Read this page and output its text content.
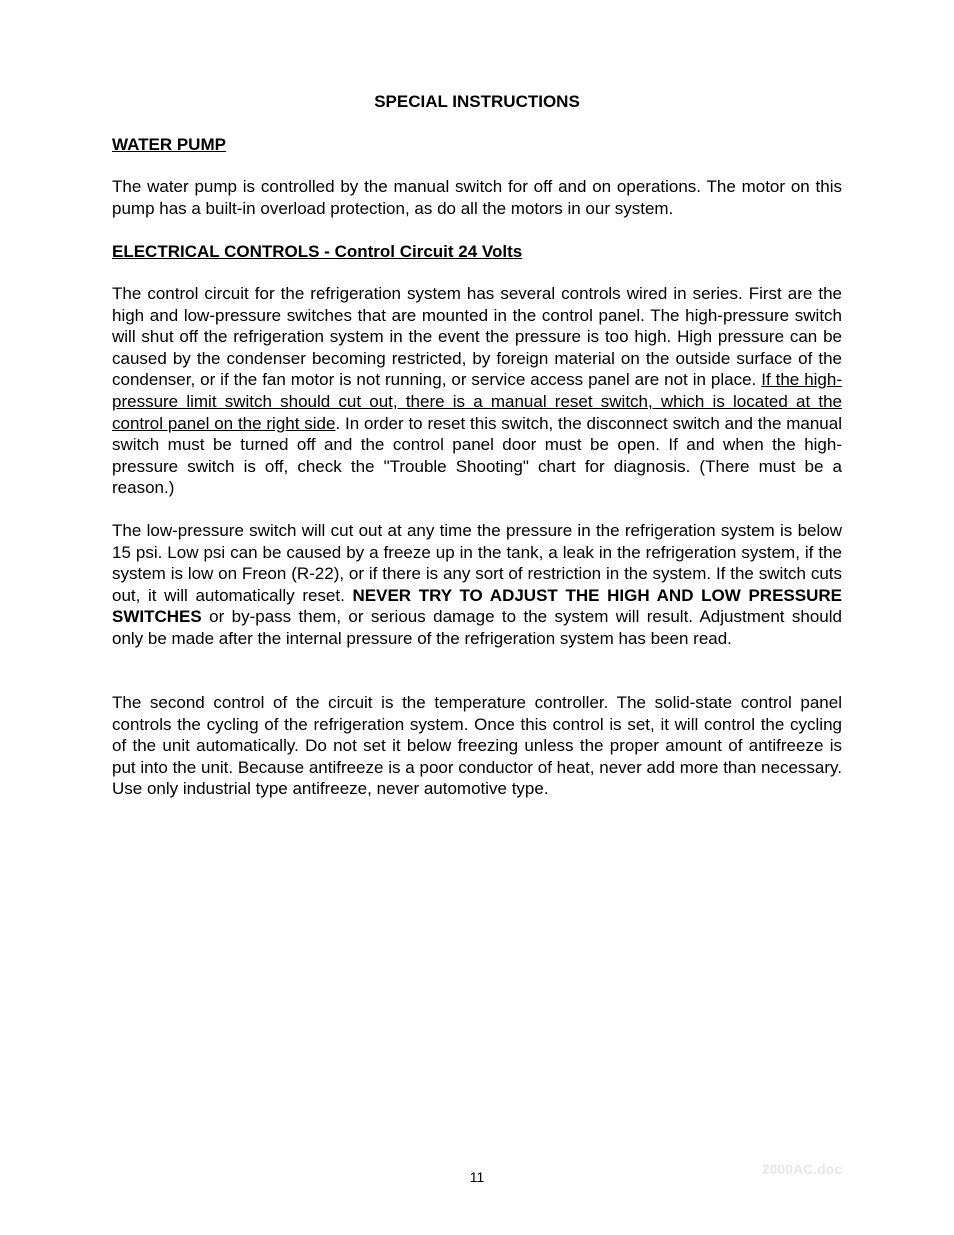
SPECIAL INSTRUCTIONS
WATER PUMP

The water pump is controlled by the manual switch for off and on operations. The motor on this pump has a built-in overload protection, as do all the motors in our system.

ELECTRICAL CONTROLS - Control Circuit 24 Volts

The control circuit for the refrigeration system has several controls wired in series. First are the high and low-pressure switches that are mounted in the control panel. The high-pressure switch will shut off the refrigeration system in the event the pressure is too high. High pressure can be caused by the condenser becoming restricted, by foreign material on the outside surface of the condenser, or if the fan motor is not running, or service access panel are not in place. If the high-pressure limit switch should cut out, there is a manual reset switch, which is located at the control panel on the right side. In order to reset this switch, the disconnect switch and the manual switch must be turned off and the control panel door must be open. If and when the high-pressure switch is off, check the "Trouble Shooting" chart for diagnosis. (There must be a reason.)

The low-pressure switch will cut out at any time the pressure in the refrigeration system is below 15 psi. Low psi can be caused by a freeze up in the tank, a leak in the refrigeration system, if the system is low on Freon (R-22), or if there is any sort of restriction in the system. If the switch cuts out, it will automatically reset. NEVER TRY TO ADJUST THE HIGH AND LOW PRESSURE SWITCHES or by-pass them, or serious damage to the system will result. Adjustment should only be made after the internal pressure of the refrigeration system has been read.

The second control of the circuit is the temperature controller. The solid-state control panel controls the cycling of the refrigeration system. Once this control is set, it will control the cycling of the unit automatically. Do not set it below freezing unless the proper amount of antifreeze is put into the unit. Because antifreeze is a poor conductor of heat, never add more than necessary. Use only industrial type antifreeze, never automotive type.

11	2000AC.doc
